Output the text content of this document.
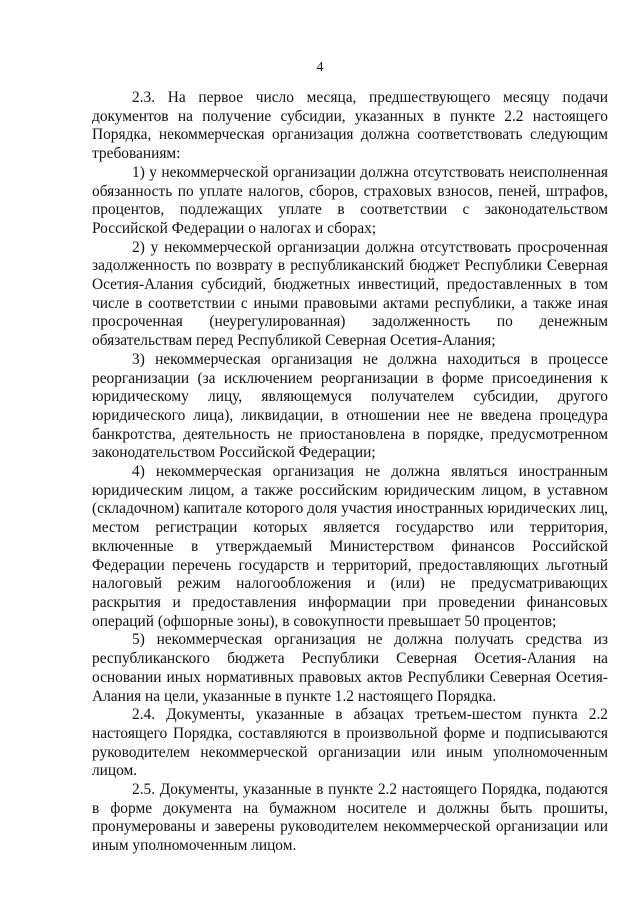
4

2.3. На первое число месяца, предшествующего месяцу подачи документов на получение субсидии, указанных в пункте 2.2 настоящего Порядка, некоммерческая организация должна соответствовать следующим требованиям:

1) у некоммерческой организации должна отсутствовать неисполненная обязанность по уплате налогов, сборов, страховых взносов, пеней, штрафов, процентов, подлежащих уплате в соответствии с законодательством Российской Федерации о налогах и сборах;

2) у некоммерческой организации должна отсутствовать просроченная задолженность по возврату в республиканский бюджет Республики Северная Осетия-Алания субсидий, бюджетных инвестиций, предоставленных в том числе в соответствии с иными правовыми актами республики, а также иная просроченная (неурегулированная) задолженность по денежным обязательствам перед Республикой Северная Осетия-Алания;

3) некоммерческая организация не должна находиться в процессе реорганизации (за исключением реорганизации в форме присоединения к юридическому лицу, являющемуся получателем субсидии, другого юридического лица), ликвидации, в отношении нее не введена процедура банкротства, деятельность не приостановлена в порядке, предусмотренном законодательством Российской Федерации;

4) некоммерческая организация не должна являться иностранным юридическим лицом, а также российским юридическим лицом, в уставном (складочном) капитале которого доля участия иностранных юридических лиц, местом регистрации которых является государство или территория, включенные в утверждаемый Министерством финансов Российской Федерации перечень государств и территорий, предоставляющих льготный налоговый режим налогообложения и (или) не предусматривающих раскрытия и предоставления информации при проведении финансовых операций (офшорные зоны), в совокупности превышает 50 процентов;

5) некоммерческая организация не должна получать средства из республиканского бюджета Республики Северная Осетия-Алания на основании иных нормативных правовых актов Республики Северная Осетия-Алания на цели, указанные в пункте 1.2 настоящего Порядка.

2.4. Документы, указанные в абзацах третьем-шестом пункта 2.2 настоящего Порядка, составляются в произвольной форме и подписываются руководителем некоммерческой организации или иным уполномоченным лицом.

2.5. Документы, указанные в пункте 2.2 настоящего Порядка, подаются в форме документа на бумажном носителе и должны быть прошиты, пронумерованы и заверены руководителем некоммерческой организации или иным уполномоченным лицом.
